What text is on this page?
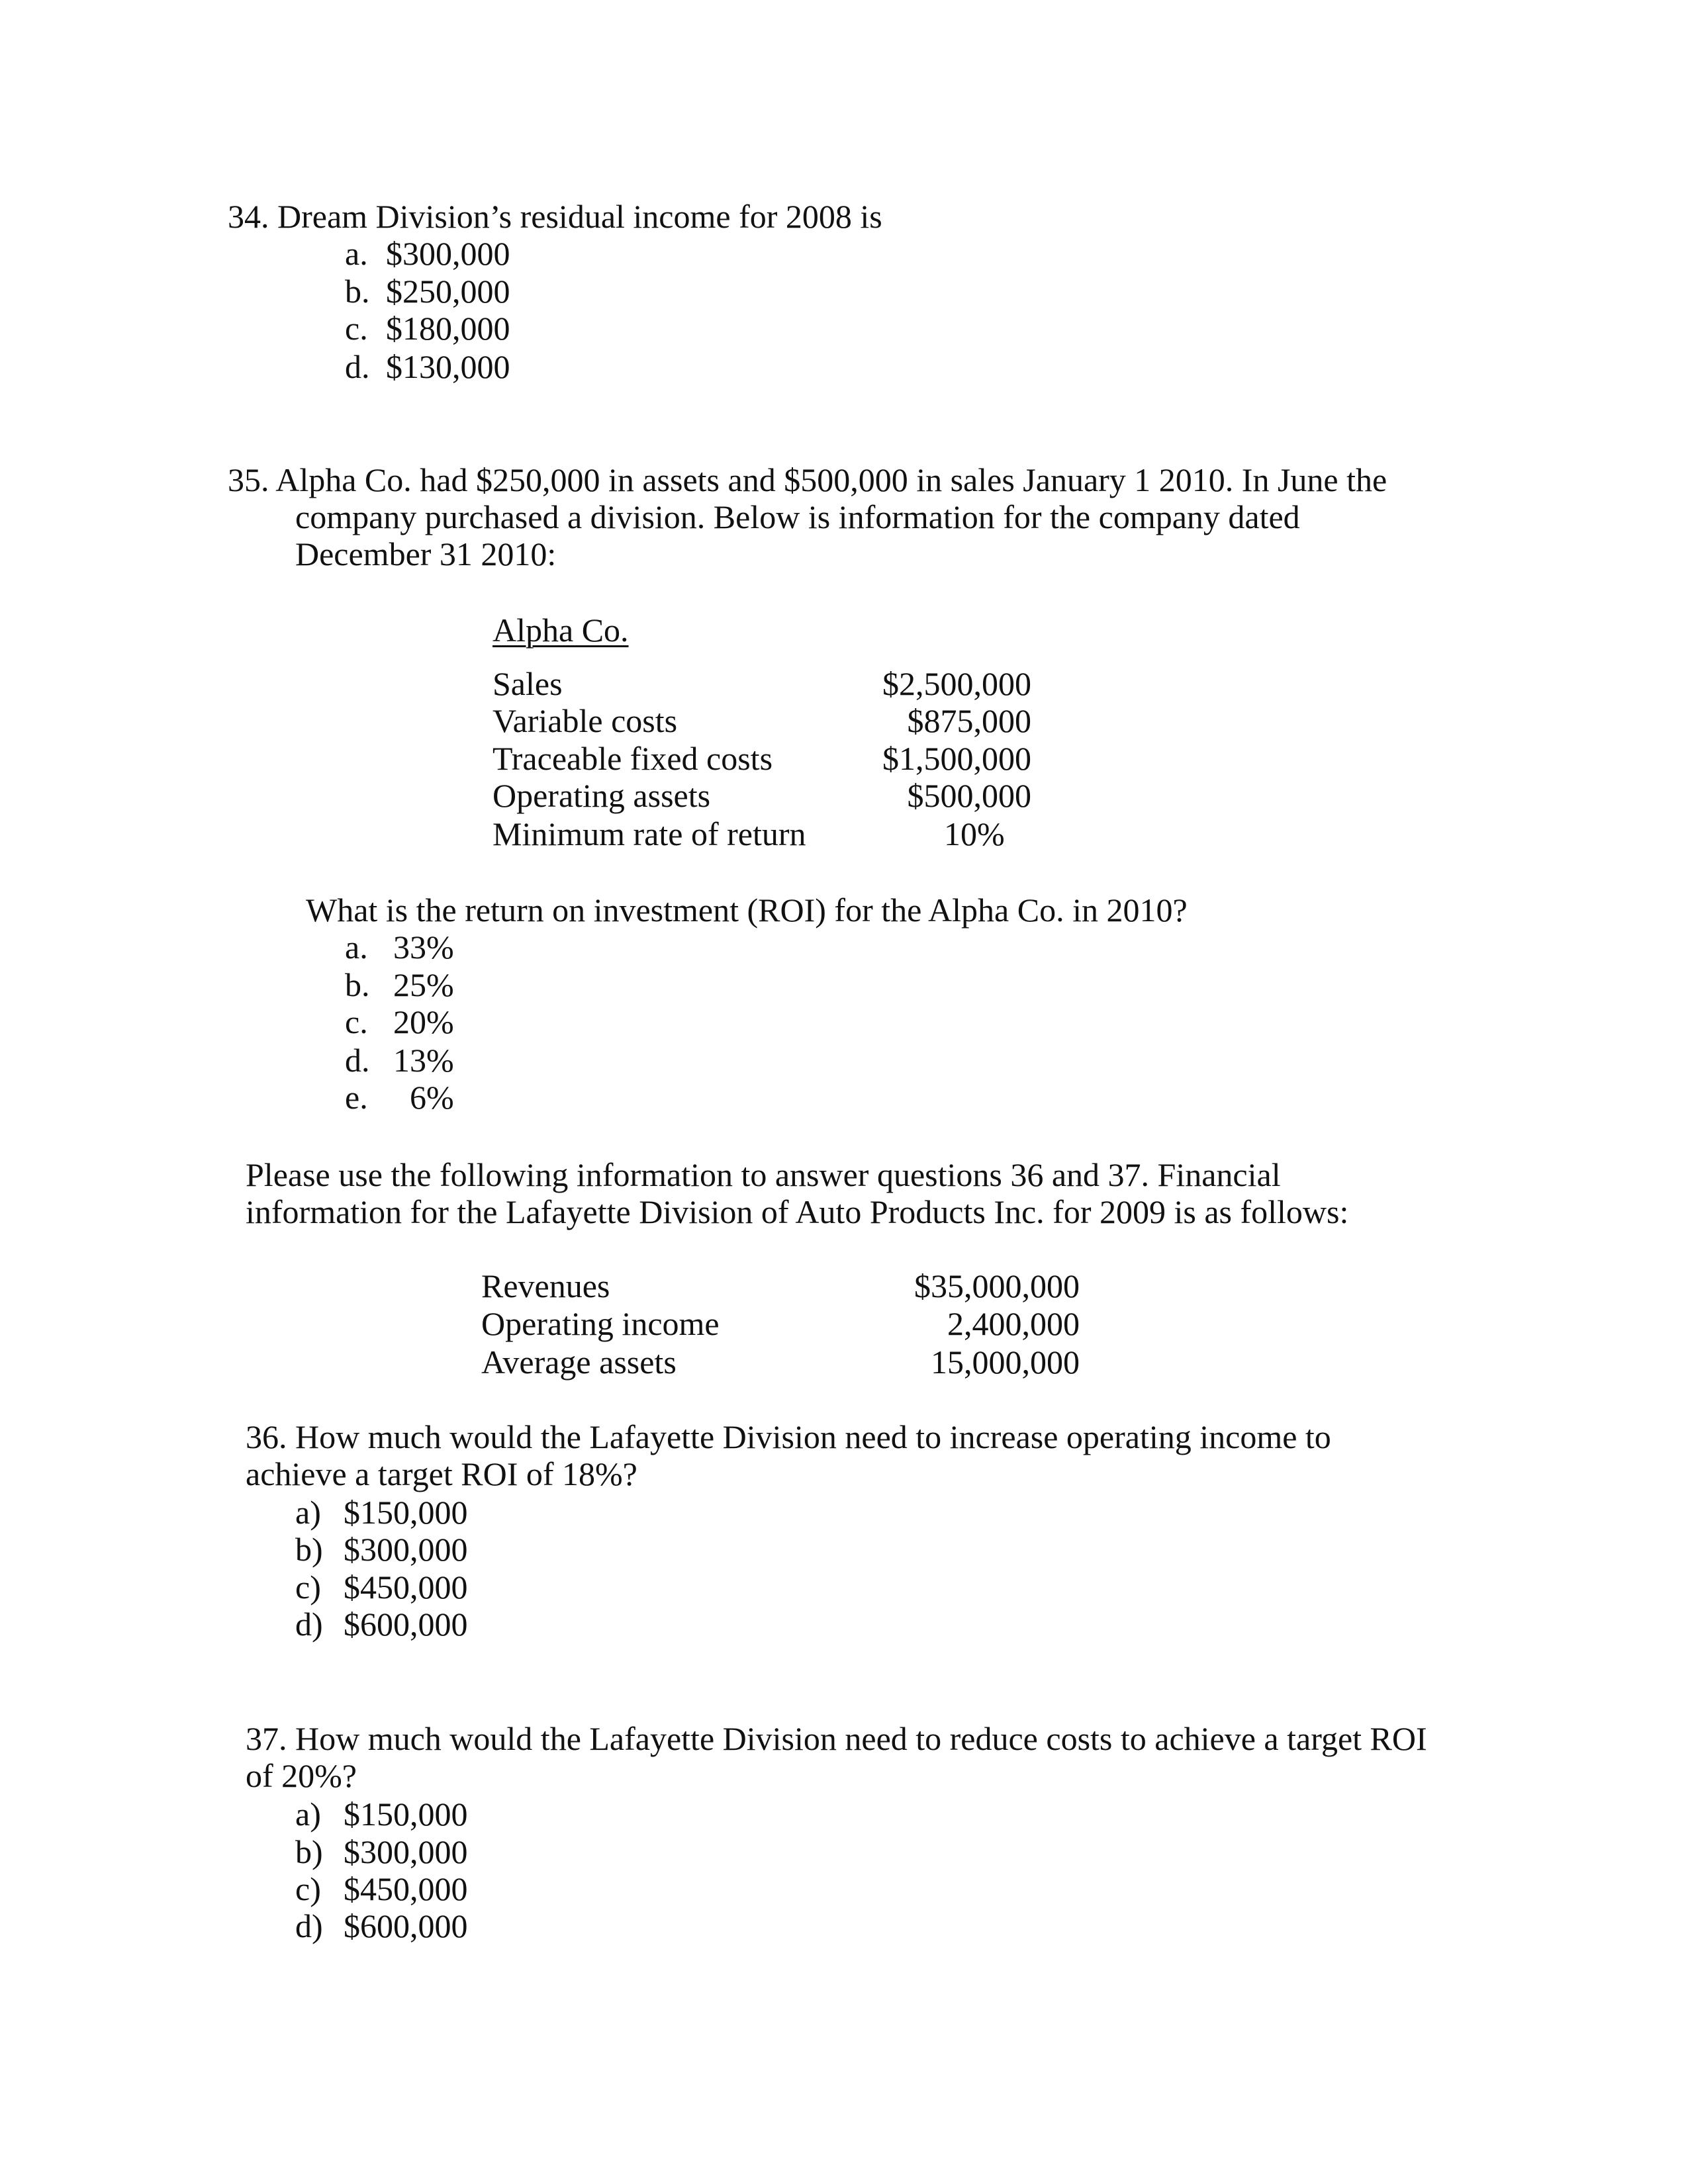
34. Dream Division’s residual income for 2008 is
a. $300,000
b. $250,000
c. $180,000
d. $130,000
35. Alpha Co. had $250,000 in assets and $500,000 in sales January 1 2010. In June the
company purchased a division. Below is information for the company dated
December 31 2010:
Alpha Co.
Sales	$2,500,000
Variable costs	$875,000
Traceable fixed costs	$1,500,000
Operating assets	$500,000
Minimum rate of return	10%
What is the return on investment (ROI) for the Alpha Co. in 2010?
a. 33%
b. 25%
c. 20%
d. 13%
e. 6%
Please use the following information to answer questions 36 and 37. Financial
information for the Lafayette Division of Auto Products Inc. for 2009 is as follows:
Revenues	$35,000,000
Operating income	2,400,000
Average assets	15,000,000
36. How much would the Lafayette Division need to increase operating income to
achieve a target ROI of 18%?
a) $150,000
b) $300,000
c) $450,000
d) $600,000
37. How much would the Lafayette Division need to reduce costs to achieve a target ROI
of 20%?
a) $150,000
b) $300,000
c) $450,000
d) $600,000
